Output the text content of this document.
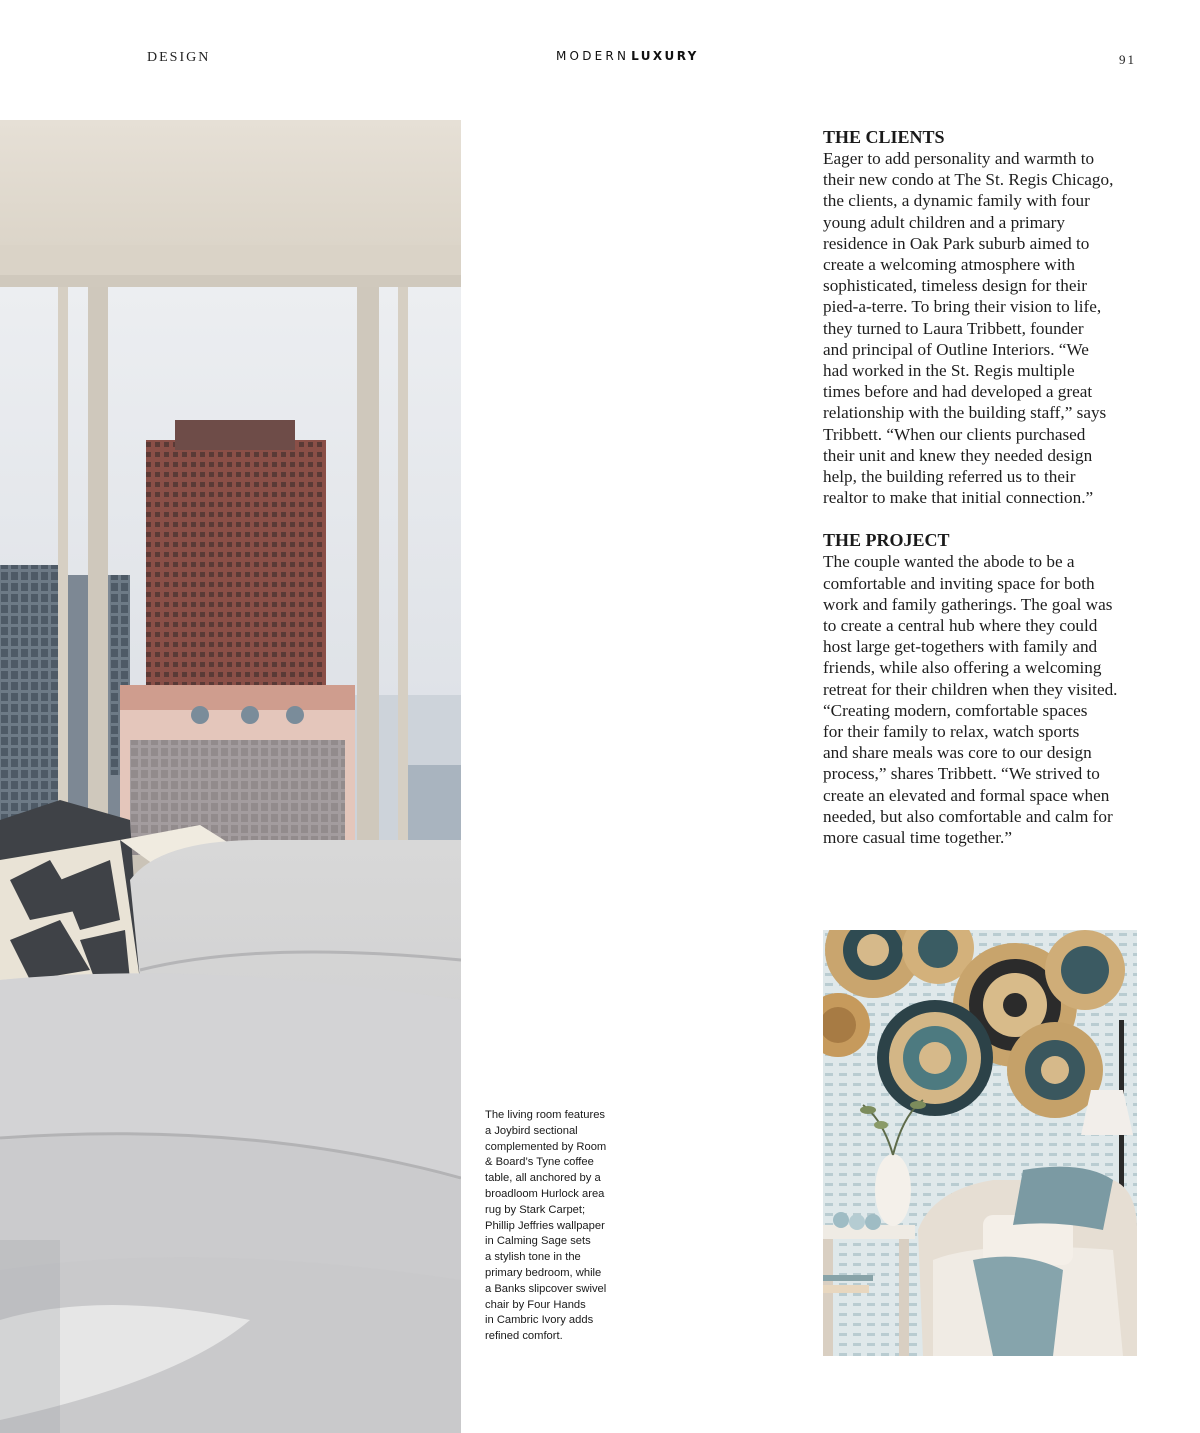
DESIGN	MODERN LUXURY	91
The living room features
a Joybird sectional
complemented by Room
& Board’s Tyne coffee
table, all anchored by a
broadloom Hurlock area
rug by Stark Carpet;
Phillip Jeffries wallpaper
in Calming Sage sets
a stylish tone in the
primary bedroom, while
a Banks slipcover swivel
chair by Four Hands
in Cambric Ivory adds
refined comfort.
THE CLIENTS
Eager to add personality and warmth to
their new condo at The St. Regis Chicago,
the clients, a dynamic family with four
young adult children and a primary
residence in Oak Park suburb aimed to
create a welcoming atmosphere with
sophisticated, timeless design for their
pied-a-terre. To bring their vision to life,
they turned to Laura Tribbett, founder
and principal of Outline Interiors. “We
had worked in the St. Regis multiple
times before and had developed a great
relationship with the building staff,” says
Tribbett. “When our clients purchased
their unit and knew they needed design
help, the building referred us to their
realtor to make that initial connection.”
THE PROJECT
The couple wanted the abode to be a
comfortable and inviting space for both
work and family gatherings. The goal was
to create a central hub where they could
host large get-togethers with family and
friends, while also offering a welcoming
retreat for their children when they visited.
“Creating modern, comfortable spaces
for their family to relax, watch sports
and share meals was core to our design
process,” shares Tribbett. “We strived to
create an elevated and formal space when
needed, but also comfortable and calm for
more casual time together.”
